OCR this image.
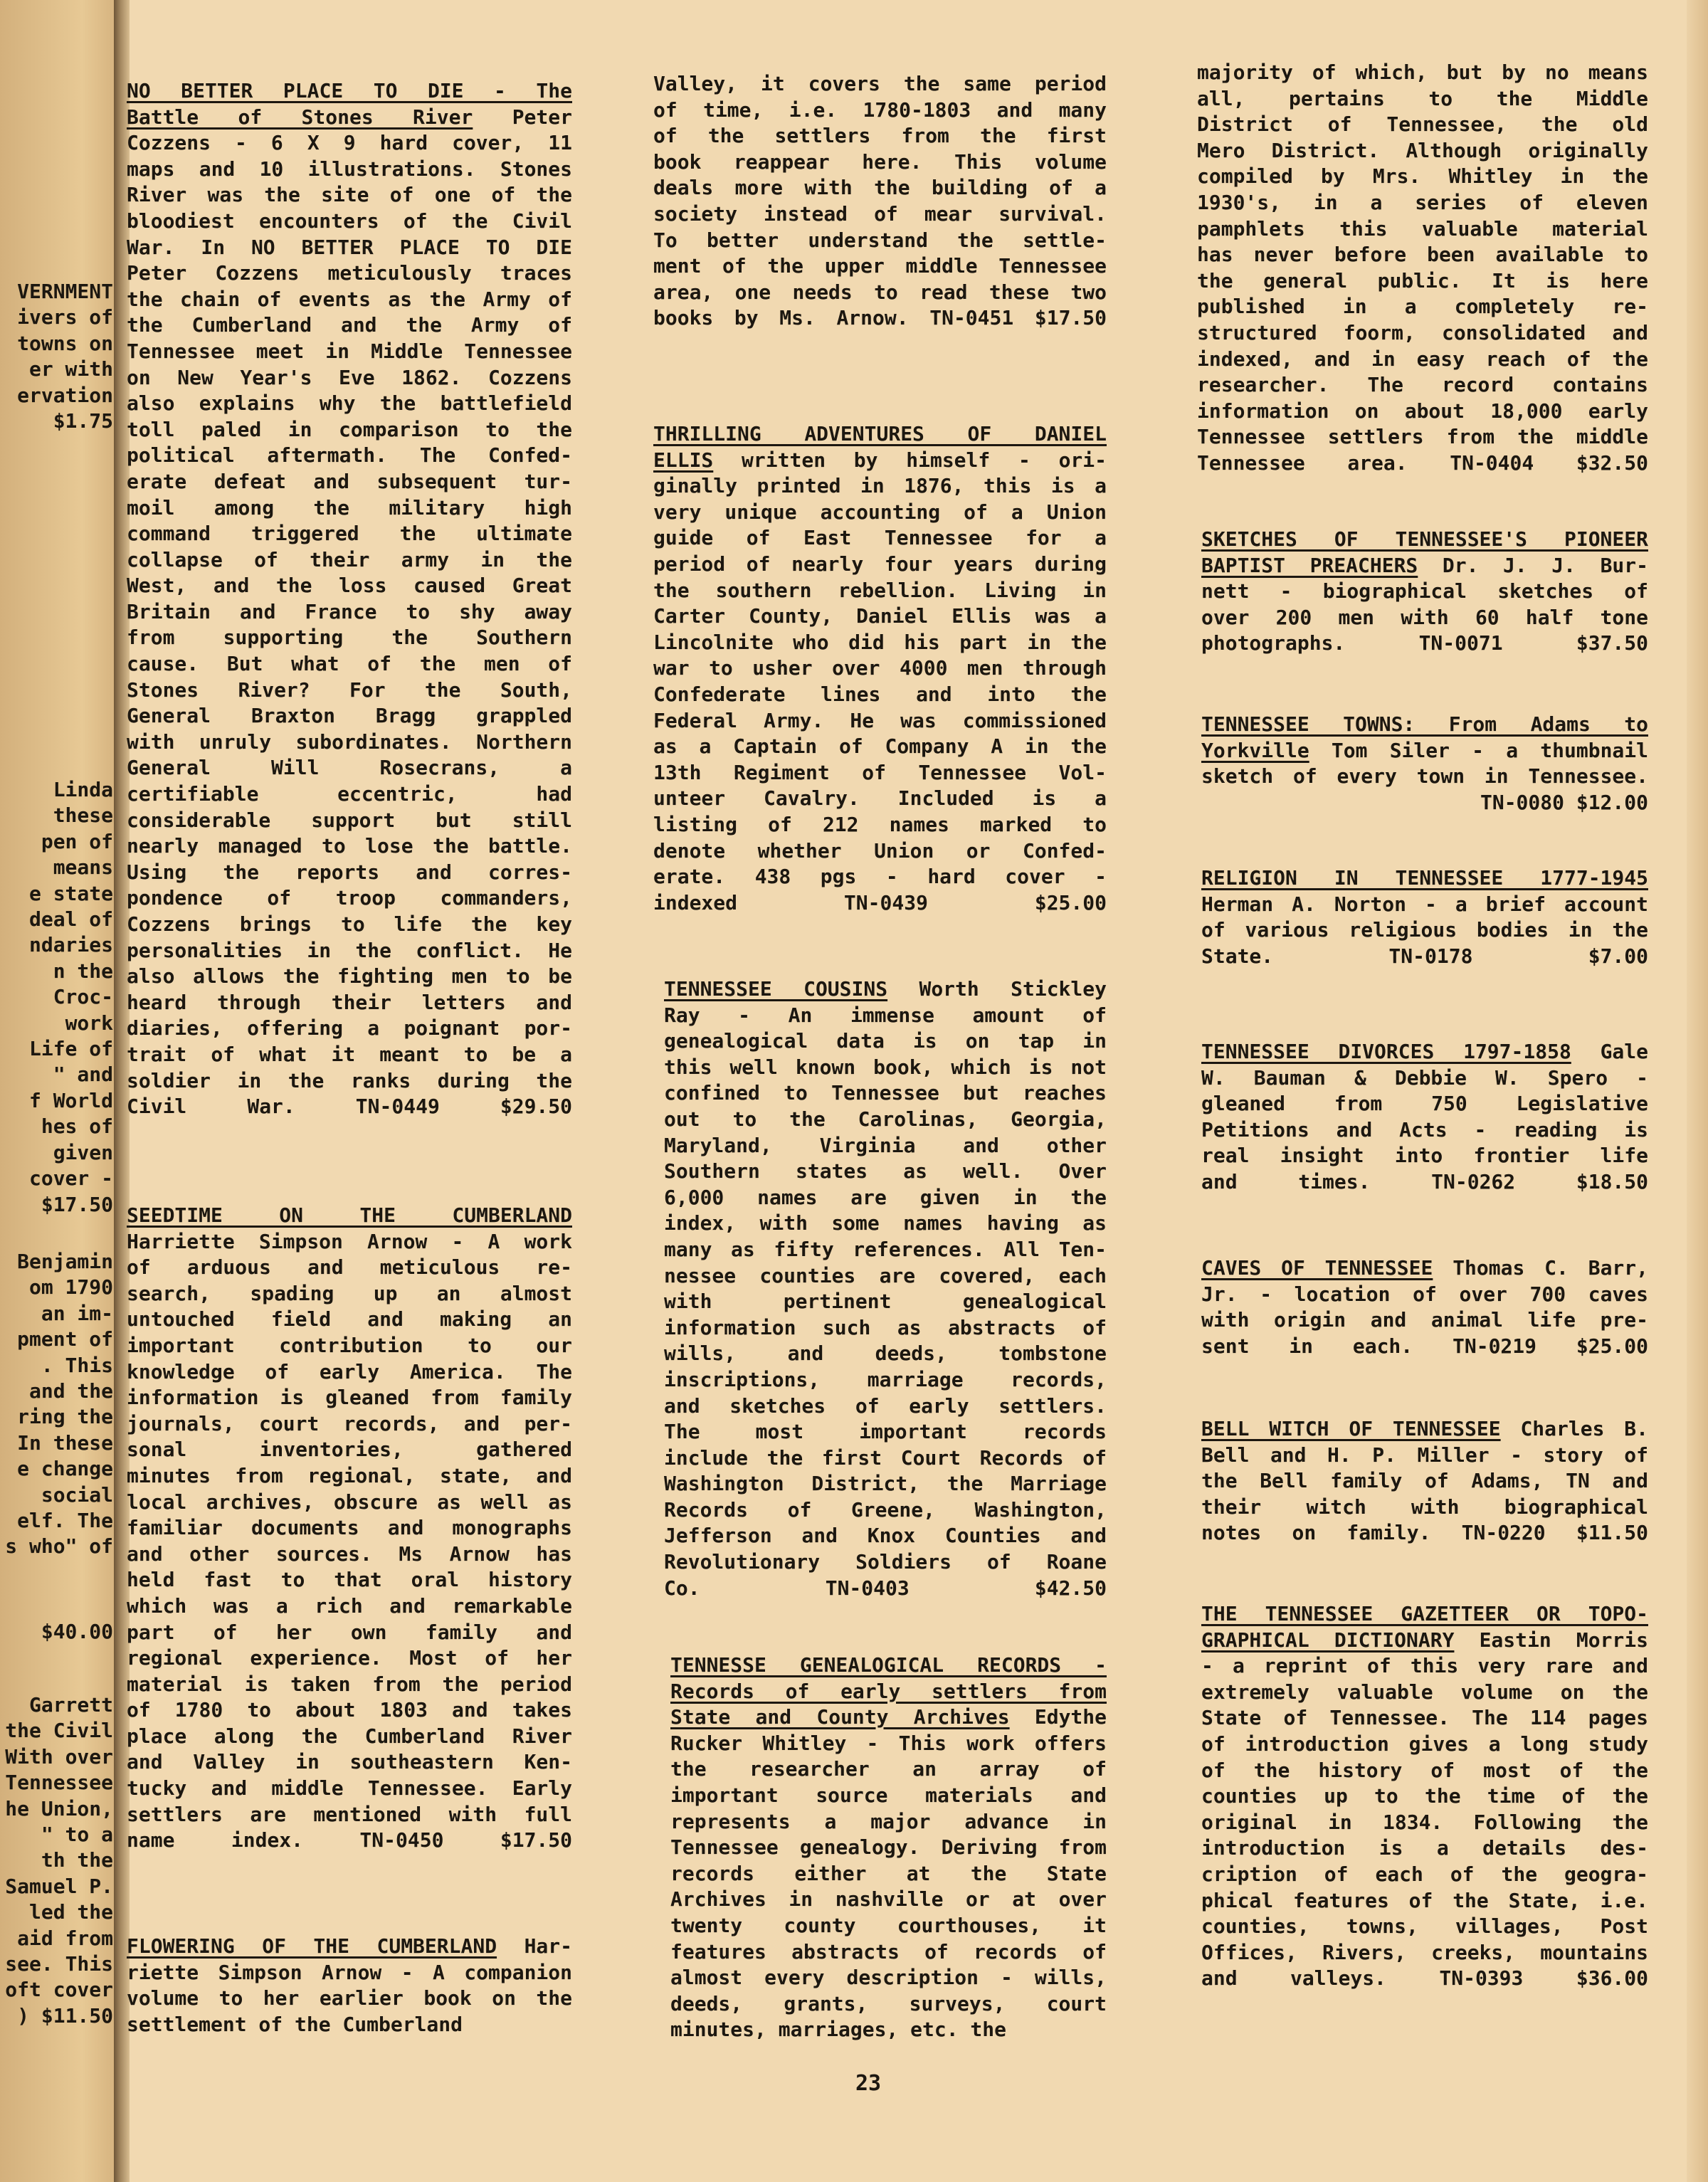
VERNMENT
ivers of
towns on
er with
ervation
$1.75
Linda
these
pen of
means
e state
deal of
ndaries
n the
Croc-
work
Life of
" and
f World
hes of
given
cover -
$17.50
Benjamin
om 1790
an im-
pment of
. This
and the
ring the
In these
e change
social
elf. The
s who" of
$40.00
Garrett
the Civil
With over
Tennessee
he Union,
" to a
th the
Samuel P.
led the
aid from
see. This
oft cover
) $11.50
NO BETTER PLACE TO DIE - The
Battle of Stones River Peter
Cozzens - 6 X 9 hard cover, 11
maps and 10 illustrations. Stones
River was the site of one of the
bloodiest encounters of the Civil
War. In NO BETTER PLACE TO DIE
Peter Cozzens meticulously traces
the chain of events as the Army of
the Cumberland and the Army of
Tennessee meet in Middle Tennessee
on New Year's Eve 1862. Cozzens
also explains why the battlefield
toll paled in comparison to the
political aftermath. The Confed-
erate defeat and subsequent tur-
moil among the military high
command triggered the ultimate
collapse of their army in the
West, and the loss caused Great
Britain and France to shy away
from supporting the Southern
cause. But what of the men of
Stones River? For the South,
General Braxton Bragg grappled
with unruly subordinates. Northern
General Will Rosecrans, a
certifiable eccentric, had
considerable support but still
nearly managed to lose the battle.
Using the reports and corres-
pondence of troop commanders,
Cozzens brings to life the key
personalities in the conflict. He
also allows the fighting men to be
heard through their letters and
diaries, offering a poignant por-
trait of what it meant to be a
soldier in the ranks during the
Civil War. TN-0449 $29.50
SEEDTIME ON THE CUMBERLAND
Harriette Simpson Arnow - A work
of arduous and meticulous re-
search, spading up an almost
untouched field and making an
important contribution to our
knowledge of early America. The
information is gleaned from family
journals, court records, and per-
sonal inventories, gathered
minutes from regional, state, and
local archives, obscure as well as
familiar documents and monographs
and other sources. Ms Arnow has
held fast to that oral history
which was a rich and remarkable
part of her own family and
regional experience. Most of her
material is taken from the period
of 1780 to about 1803 and takes
place along the Cumberland River
and Valley in southeastern Ken-
tucky and middle Tennessee. Early
settlers are mentioned with full
name index. TN-0450 $17.50
FLOWERING OF THE CUMBERLAND Har-
riette Simpson Arnow - A companion
volume to her earlier book on the
settlement of the Cumberland
Valley, it covers the same period
of time, i.e. 1780-1803 and many
of the settlers from the first
book reappear here. This volume
deals more with the building of a
society instead of mear survival.
To better understand the settle-
ment of the upper middle Tennessee
area, one needs to read these two
books by Ms. Arnow. TN-0451 $17.50
THRILLING ADVENTURES OF DANIEL
ELLIS written by himself - ori-
ginally printed in 1876, this is a
very unique accounting of a Union
guide of East Tennessee for a
period of nearly four years during
the southern rebellion. Living in
Carter County, Daniel Ellis was a
Lincolnite who did his part in the
war to usher over 4000 men through
Confederate lines and into the
Federal Army. He was commissioned
as a Captain of Company A in the
13th Regiment of Tennessee Vol-
unteer Cavalry. Included is a
listing of 212 names marked to
denote whether Union or Confed-
erate. 438 pgs - hard cover -
indexed TN-0439 $25.00
TENNESSEE COUSINS Worth Stickley
Ray - An immense amount of
genealogical data is on tap in
this well known book, which is not
confined to Tennessee but reaches
out to the Carolinas, Georgia,
Maryland, Virginia and other
Southern states as well. Over
6,000 names are given in the
index, with some names having as
many as fifty references. All Ten-
nessee counties are covered, each
with pertinent genealogical
information such as abstracts of
wills, and deeds, tombstone
inscriptions, marriage records,
and sketches of early settlers.
The most important records
include the first Court Records of
Washington District, the Marriage
Records of Greene, Washington,
Jefferson and Knox Counties and
Revolutionary Soldiers of Roane
Co. TN-0403 $42.50
TENNESSE GENEALOGICAL RECORDS -
Records of early settlers from
State and County Archives Edythe
Rucker Whitley - This work offers
the researcher an array of
important source materials and
represents a major advance in
Tennessee genealogy. Deriving from
records either at the State
Archives in nashville or at over
twenty county courthouses, it
features abstracts of records of
almost every description - wills,
deeds, grants, surveys, court
minutes, marriages, etc. the
majority of which, but by no means
all, pertains to the Middle
District of Tennessee, the old
Mero District. Although originally
compiled by Mrs. Whitley in the
1930's, in a series of eleven
pamphlets this valuable material
has never before been available to
the general public. It is here
published in a completely re-
structured foorm, consolidated and
indexed, and in easy reach of the
researcher. The record contains
information on about 18,000 early
Tennessee settlers from the middle
Tennessee area. TN-0404 $32.50
SKETCHES OF TENNESSEE'S PIONEER
BAPTIST PREACHERS Dr. J. J. Bur-
nett - biographical sketches of
over 200 men with 60 half tone
photographs. TN-0071 $37.50
TENNESSEE TOWNS: From Adams to
Yorkville Tom Siler - a thumbnail
sketch of every town in Tennessee.
TN-0080 $12.00
RELIGION IN TENNESSEE 1777-1945
Herman A. Norton - a brief account
of various religious bodies in the
State. TN-0178 $7.00
TENNESSEE DIVORCES 1797-1858 Gale
W. Bauman & Debbie W. Spero -
gleaned from 750 Legislative
Petitions and Acts - reading is
real insight into frontier life
and times. TN-0262 $18.50
CAVES OF TENNESSEE Thomas C. Barr,
Jr. - location of over 700 caves
with origin and animal life pre-
sent in each. TN-0219 $25.00
BELL WITCH OF TENNESSEE Charles B.
Bell and H. P. Miller - story of
the Bell family of Adams, TN and
their witch with biographical
notes on family. TN-0220 $11.50
THE TENNESSEE GAZETTEER OR TOPO-
GRAPHICAL DICTIONARY Eastin Morris
- a reprint of this very rare and
extremely valuable volume on the
State of Tennessee. The 114 pages
of introduction gives a long study
of the history of most of the
counties up to the time of the
original in 1834. Following the
introduction is a details des-
cription of each of the geogra-
phical features of the State, i.e.
counties, towns, villages, Post
Offices, Rivers, creeks, mountains
and valleys. TN-0393 $36.00
23
